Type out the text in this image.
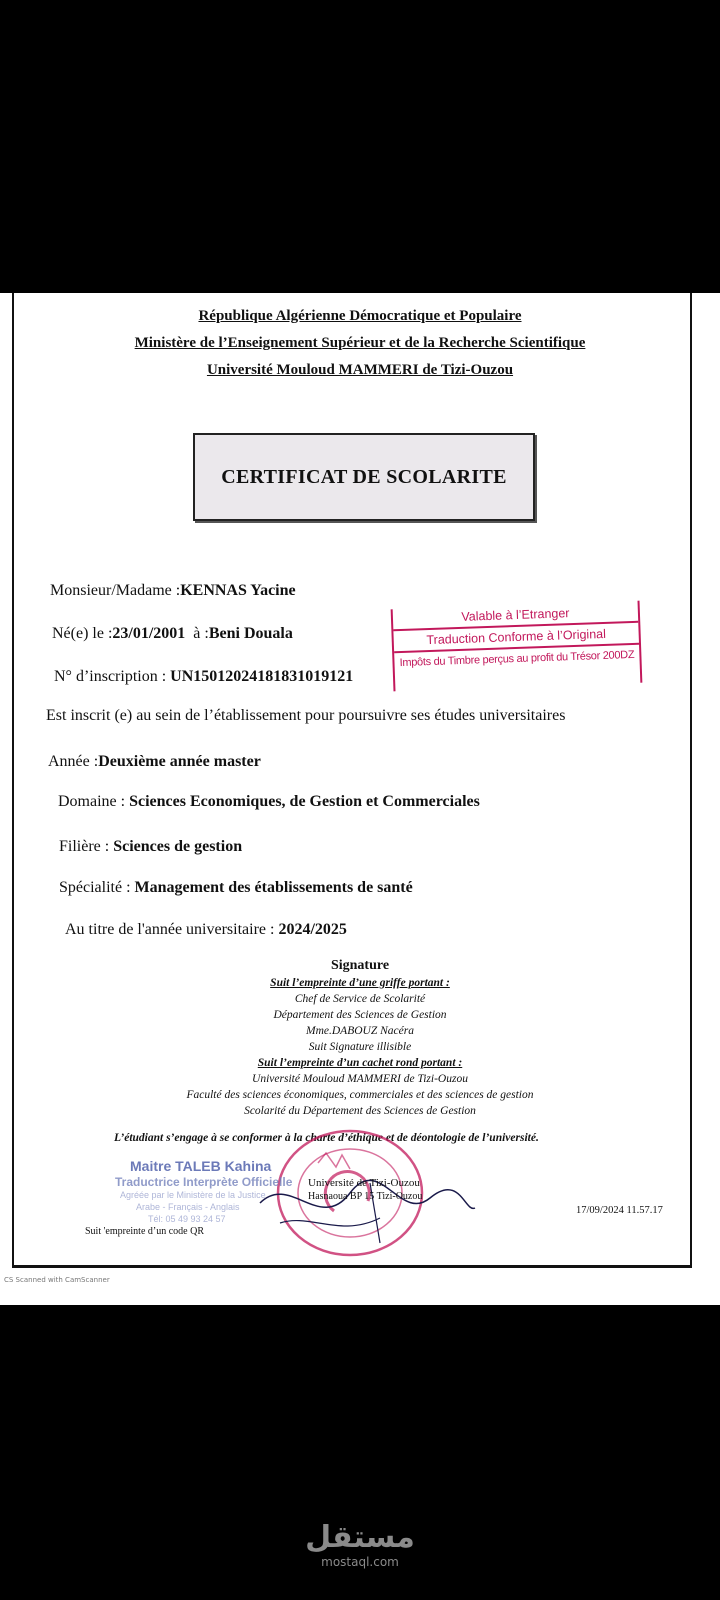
République Algérienne Démocratique et Populaire
Ministère de l’Enseignement Supérieur et de la Recherche Scientifique
Université Mouloud MAMMERI de Tizi-Ouzou
CERTIFICAT DE SCOLARITE
Monsieur/Madame :KENNAS Yacine
Né(e) le :23/01/2001 à :Beni Douala
N° d’inscription : UN15012024181831019121
Valable à l’Etranger
Traduction Conforme à l’Original
Impôts du Timbre perçus au profit du Trésor 200DZ
Est inscrit (e) au sein de l’établissement pour poursuivre ses études universitaires
Année :Deuxième année master
Domaine : Sciences Economiques, de Gestion et Commerciales
Filière : Sciences de gestion
Spécialité : Management des établissements de santé
Au titre de l'année universitaire : 2024/2025
Signature
Suit l’empreinte d’une griffe portant :
Chef de Service de Scolarité
Département des Sciences de Gestion
Mme.DABOUZ Nacéra
Suit Signature illisible
Suit l’empreinte d’un cachet rond portant :
Université Mouloud MAMMERI de Tizi-Ouzou
Faculté des sciences économiques, commerciales et des sciences de gestion
Scolarité du Département des Sciences de Gestion
L’étudiant s’engage à se conformer à la charte d’éthique et de déontologie de l’université.
Maitre TALEB Kahina
Traductrice Interprète Officielle
Agréée par le Ministère de la Justice
Arabe - Français - Anglais
Tél: 05 49 93 24 57
Université de Tizi-Ouzou
Hasnaoua BP 15 Tizi-Ouzou
17/09/2024 11.57.17
Suit 'empreinte d’un code QR
CS Scanned with CamScanner
مستقل
mostaql.com
